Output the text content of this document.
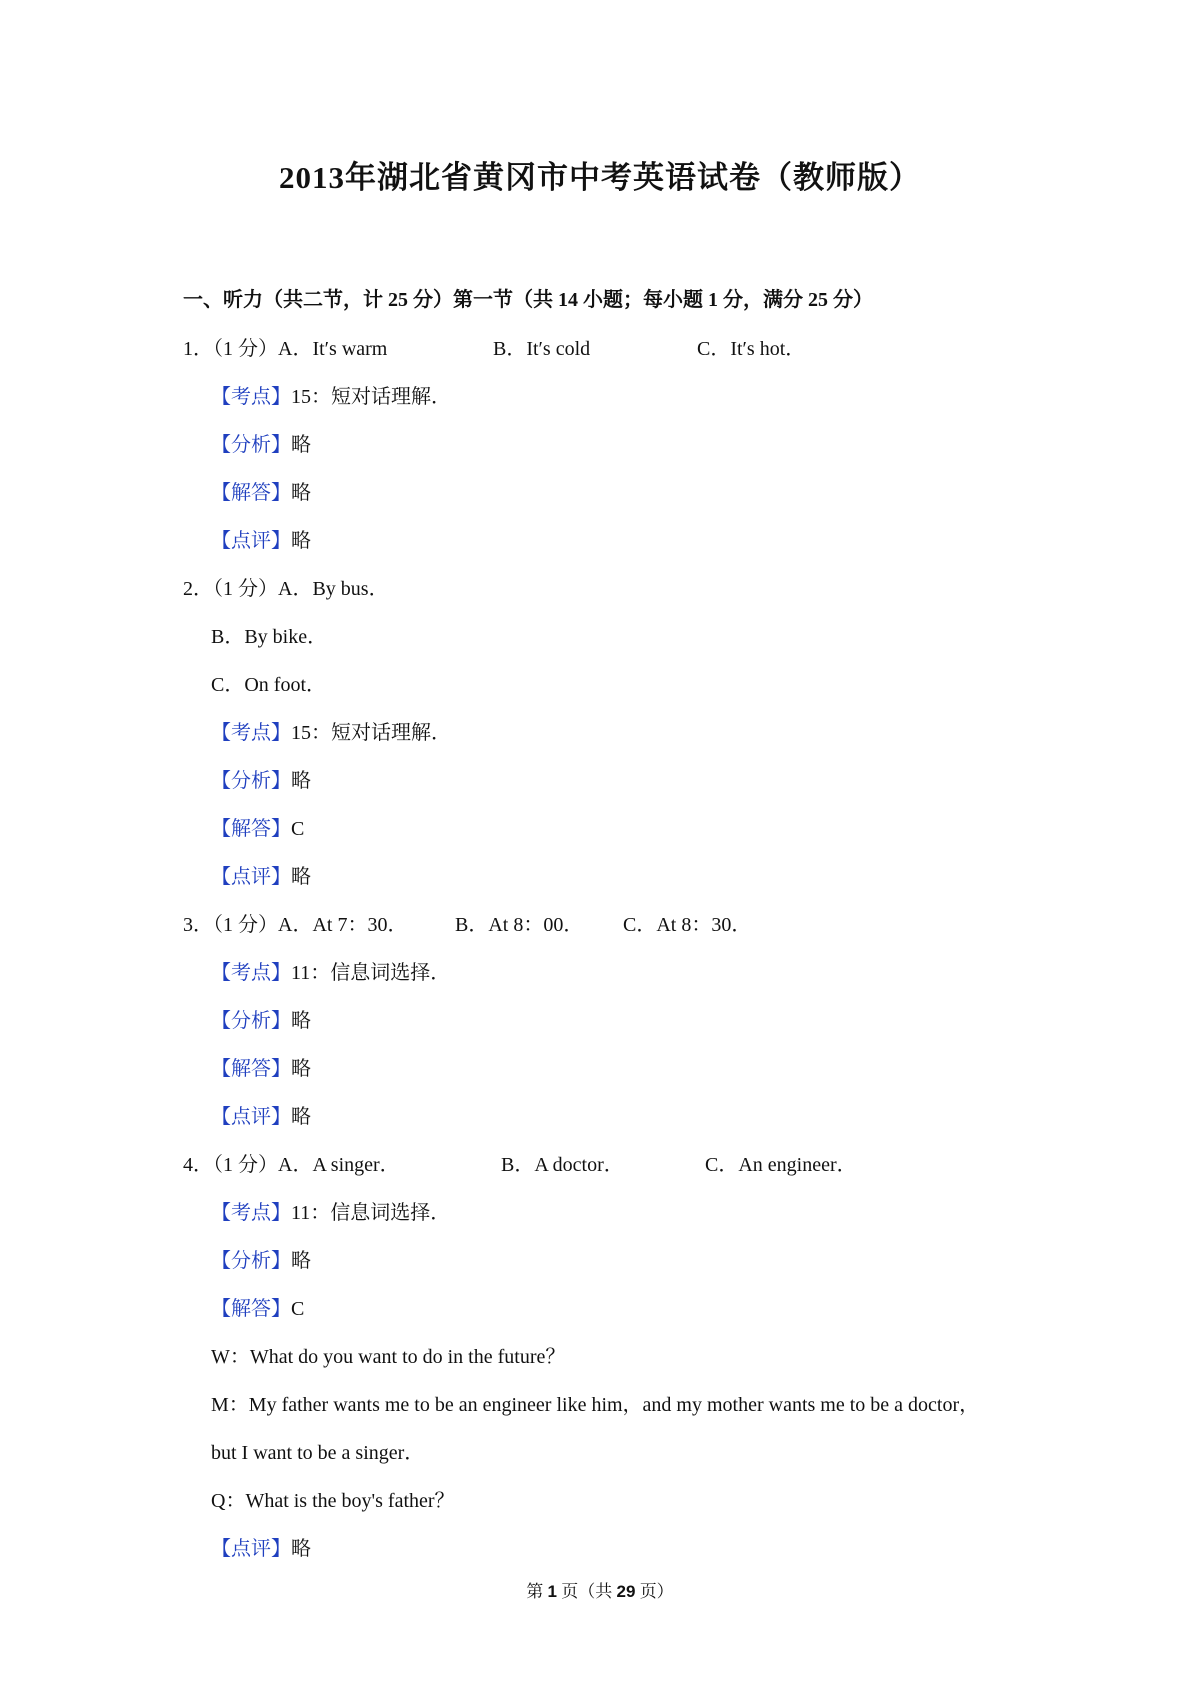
2013年湖北省黄冈市中考英语试卷（教师版）
一、听力（共二节，计 25 分）第一节（共 14 小题；每小题 1 分，满分 25 分）
1．（1 分）A．It′s warm	B．It′s cold	C．It′s hot．
【考点】15：短对话理解．
【分析】略
【解答】略
【点评】略
2．（1 分）A．By bus．
B．By bike．
C．On foot．
【考点】15：短对话理解．
【分析】略
【解答】C
【点评】略
3．（1 分）A．At 7：30． B．At 8：00． C．At 8：30．
【考点】11：信息词选择．
【分析】略
【解答】略
【点评】略
4．（1 分）A．A singer．	B．A doctor．	C．An engineer．
【考点】11：信息词选择．
【分析】略
【解答】C
W：What do you want to do in the future？
M：My father wants me to be an engineer like him，and my mother wants me to be a doctor，
but I want to be a singer．
Q：What is the boy's father？
【点评】略
第 1 页（共 29 页）
